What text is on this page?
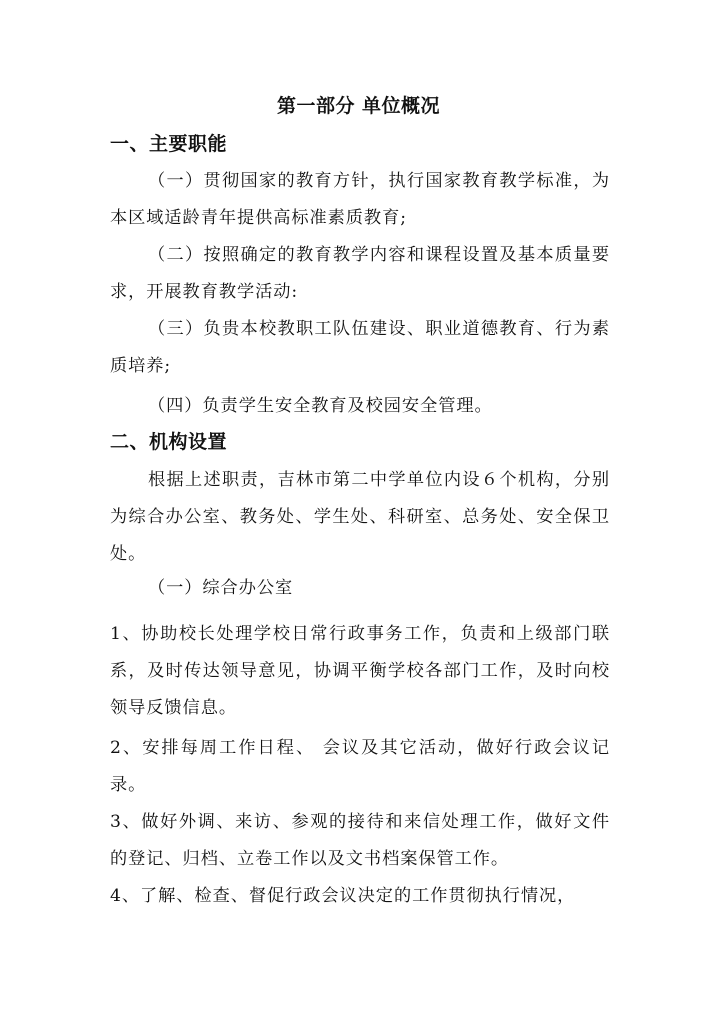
第一部分 单位概况
一、主要职能

（一）贯彻国家的教育方针，执行国家教育教学标准，为本区域适龄青年提供高标准素质教育;

（二）按照确定的教育教学内容和课程设置及基本质量要求，开展教育教学活动:

（三）负贵本校教职工队伍建设、职业道德教育、行为素质培养;

（四）负责学生安全教育及校园安全管理。

二、机构设置

根据上述职责，吉林市第二中学单位内设６个机构，分别为综合办公室、教务处、学生处、科研室、总务处、安全保卫处。

（一）综合办公室

1、协助校长处理学校日常行政事务工作，负责和上级部门联系，及时传达领导意见，协调平衡学校各部门工作，及时向校领导反馈信息。

2、安排每周工作日程、 会议及其它活动，做好行政会议记录。

3、做好外调、来访、参观的接待和来信处理工作，做好文件的登记、归档、立卷工作以及文书档案保管工作。

4、了解、检查、督促行政会议决定的工作贯彻执行情况，
